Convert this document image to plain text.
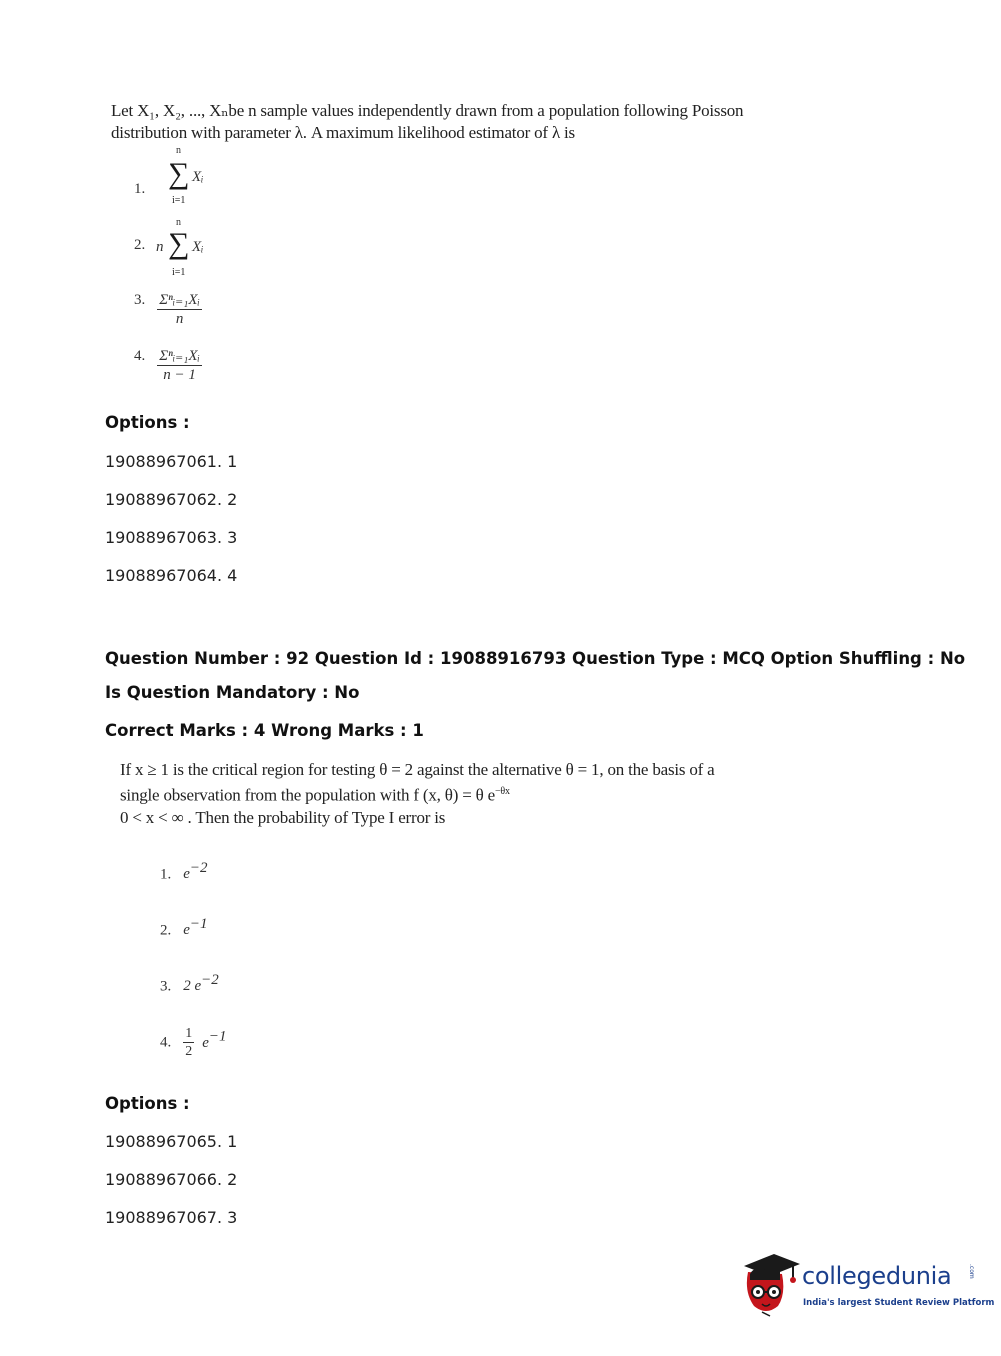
Let X₁, X₂, ..., Xₙbe n sample values independently drawn from a population following Poisson
distribution with parameter λ. A maximum likelihood estimator of λ is
1.
n
∑ Xᵢ
i=1
2. n
n
∑ Xᵢ
i=1
3. $\frac{\text{Σⁿᵢ₌₁Xᵢ}}{n}$
4. $\frac{\text{Σⁿᵢ₌₁Xᵢ}}{n - 1}$
Options :
19088967061. 1
19088967062. 2
19088967063. 3
19088967064. 4
Question Number : 92 Question Id : 19088916793 Question Type : MCQ Option Shuffling : No
Is Question Mandatory : No
Correct Marks : 4 Wrong Marks : 1
If x ≥ 1 is the critical region for testing θ = 2 against the alternative θ = 1, on the basis of a
single observation from the population with f (x, θ) = θ $e^{-\theta x}$
0 < x < ∞ . Then the probability of Type I error is
1. $e^{-2}$
2. $e^{-1}$
3. 2 $e^{-2}$
4. $\frac{1}{2} e^{-1}$
Options :
19088967065. 1
19088967066. 2
19088967067. 3
collegedunia	.com
India's largest Student Review Platform
